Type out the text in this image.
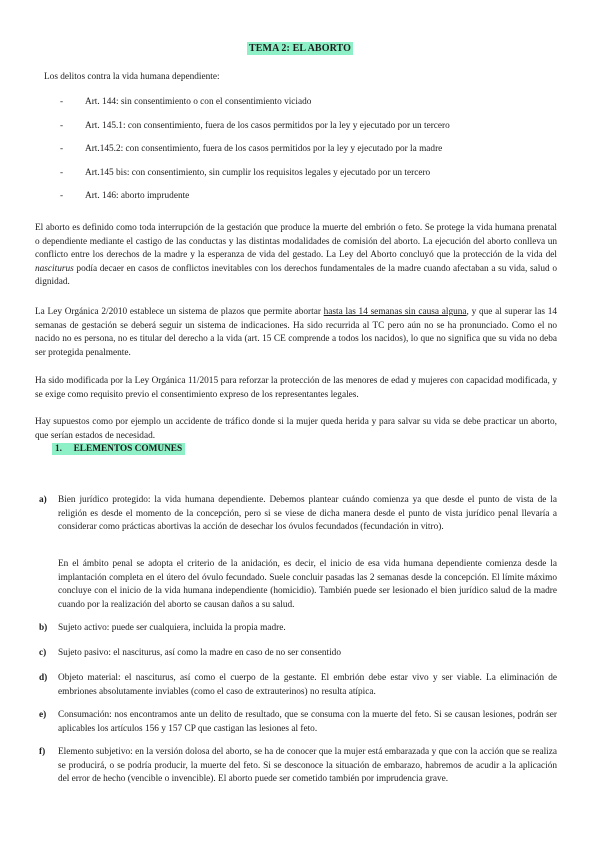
TEMA 2: EL ABORTO
Los delitos contra la vida humana dependiente:
-	Art. 144: sin consentimiento o con el consentimiento viciado
-	Art. 145.1: con consentimiento, fuera de los casos permitidos por la ley y ejecutado por un tercero
-	Art.145.2: con consentimiento, fuera de los casos permitidos por la ley y ejecutado por la madre
-	Art.145 bis: con consentimiento, sin cumplir los requisitos legales y ejecutado por un tercero
-	Art. 146: aborto imprudente
El aborto es definido como toda interrupción de la gestación que produce la muerte del embrión o feto. Se protege la vida humana prenatal o dependiente mediante el castigo de las conductas y las distintas modalidades de comisión del aborto. La ejecución del aborto conlleva un conflicto entre los derechos de la madre y la esperanza de vida del gestado. La Ley del Aborto concluyó que la protección de la vida del nasciturus podía decaer en casos de conflictos inevitables con los derechos fundamentales de la madre cuando afectaban a su vida, salud o dignidad.
La Ley Orgánica 2/2010 establece un sistema de plazos que permite abortar hasta las 14 semanas sin causa alguna, y que al superar las 14 semanas de gestación se deberá seguir un sistema de indicaciones. Ha sido recurrida al TC pero aún no se ha pronunciado. Como el no nacido no es persona, no es titular del derecho a la vida (art. 15 CE comprende a todos los nacidos), lo que no significa que su vida no deba ser protegida penalmente.
Ha sido modificada por la Ley Orgánica 11/2015 para reforzar la protección de las menores de edad y mujeres con capacidad modificada, y se exige como requisito previo el consentimiento expreso de los representantes legales.
Hay supuestos como por ejemplo un accidente de tráfico donde si la mujer queda herida y para salvar su vida se debe practicar un aborto, que serían estados de necesidad.
1.     ELEMENTOS COMUNES
a) Bien jurídico protegido: la vida humana dependiente. Debemos plantear cuándo comienza ya que desde el punto de vista de la religión es desde el momento de la concepción, pero si se viese de dicha manera desde el punto de vista jurídico penal llevaría a considerar como prácticas abortivas la acción de desechar los óvulos fecundados (fecundación in vitro).
En el ámbito penal se adopta el criterio de la anidación, es decir, el inicio de esa vida humana dependiente comienza desde la implantación completa en el útero del óvulo fecundado. Suele concluir pasadas las 2 semanas desde la concepción. El límite máximo concluye con el inicio de la vida humana independiente (homicidio). También puede ser lesionado el bien jurídico salud de la madre cuando por la realización del aborto se causan daños a su salud.
b) Sujeto activo: puede ser cualquiera, incluida la propia madre.
c) Sujeto pasivo: el nasciturus, así como la madre en caso de no ser consentido
d) Objeto material: el nasciturus, así como el cuerpo de la gestante. El embrión debe estar vivo y ser viable. La eliminación de embriones absolutamente inviables (como el caso de extrauterinos) no resulta atípica.
e) Consumación: nos encontramos ante un delito de resultado, que se consuma con la muerte del feto. Si se causan lesiones, podrán ser aplicables los artículos 156 y 157 CP que castigan las lesiones al feto.
f) Elemento subjetivo: en la versión dolosa del aborto, se ha de conocer que la mujer está embarazada y que con la acción que se realiza se producirá, o se podría producir, la muerte del feto. Si se desconoce la situación de embarazo, habremos de acudir a la aplicación del error de hecho (vencible o invencible). El aborto puede ser cometido también por imprudencia grave.
